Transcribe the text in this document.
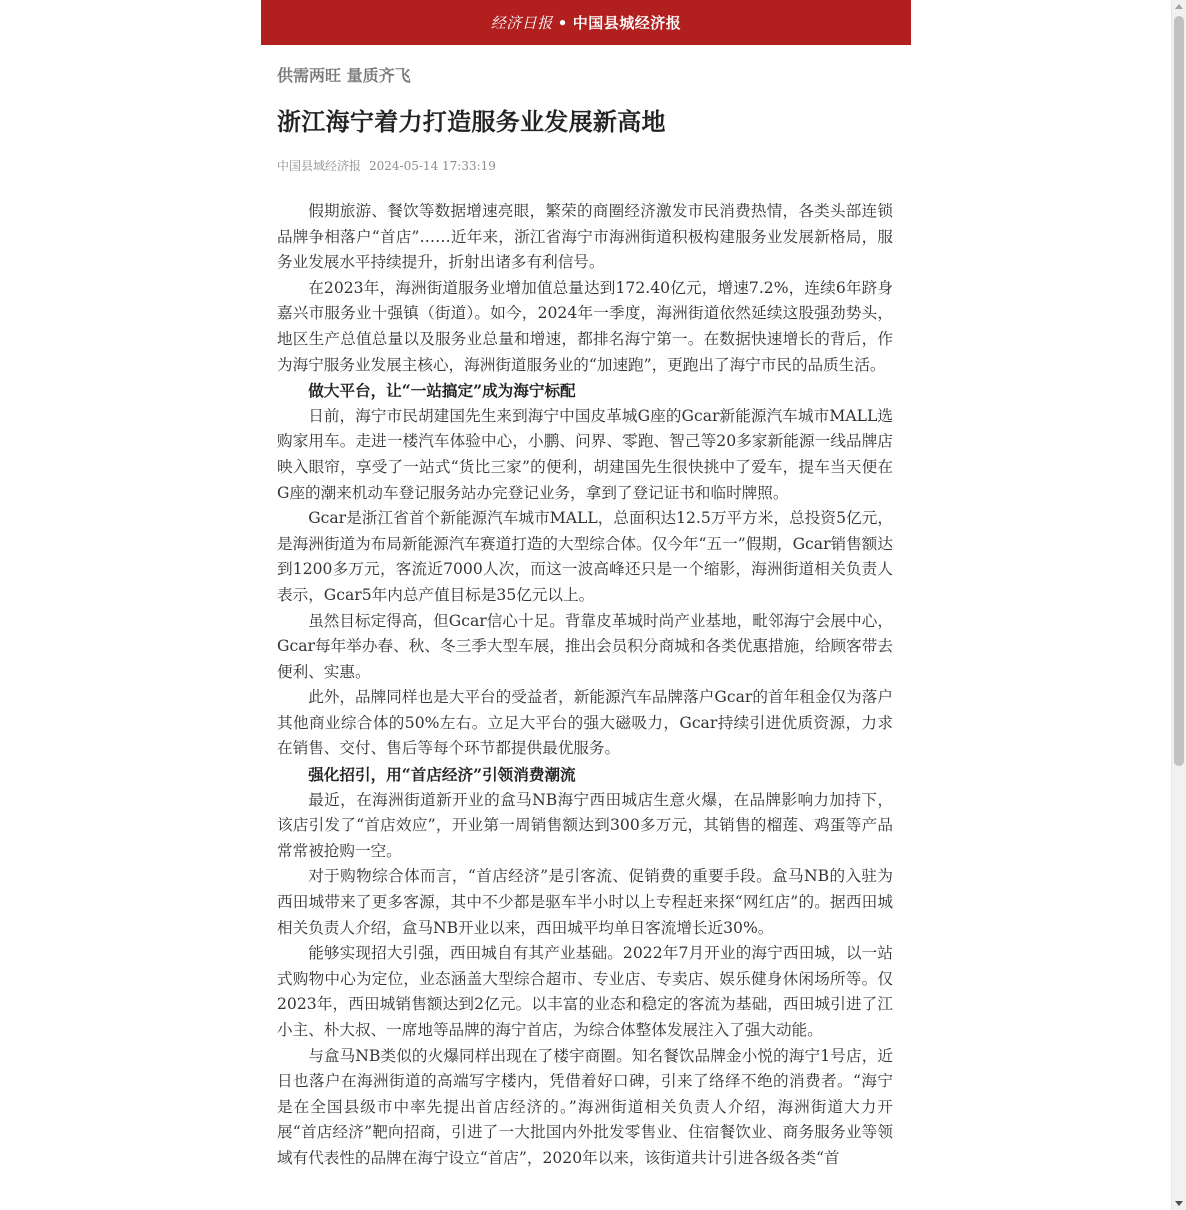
经济日报 • 中国县城经济报
供需两旺 量质齐飞
浙江海宁着力打造服务业发展新高地
中国县域经济报 2024-05-14 17:33:19

假期旅游、餐饮等数据增速亮眼，繁荣的商圈经济激发市民消费热情，各类头部连锁品牌争相落户“首店”……近年来，浙江省海宁市海洲街道积极构建服务业发展新格局，服务业发展水平持续提升，折射出诸多有利信号。

在2023年，海洲街道服务业增加值总量达到172.40亿元，增速7.2%，连续6年跻身嘉兴市服务业十强镇（街道）。如今，2024年一季度，海洲街道依然延续这股强劲势头，地区生产总值总量以及服务业总量和增速，都排名海宁第一。在数据快速增长的背后，作为海宁服务业发展主核心，海洲街道服务业的“加速跑”，更跑出了海宁市民的品质生活。

做大平台，让“一站搞定”成为海宁标配

日前，海宁市民胡建国先生来到海宁中国皮革城G座的Gcar新能源汽车城市MALL选购家用车。走进一楼汽车体验中心，小鹏、问界、零跑、智己等20多家新能源一线品牌店映入眼帘，享受了一站式“货比三家”的便利，胡建国先生很快挑中了爱车，提车当天便在G座的潮来机动车登记服务站办完登记业务，拿到了登记证书和临时牌照。

Gcar是浙江省首个新能源汽车城市MALL，总面积达12.5万平方米，总投资5亿元，是海洲街道为布局新能源汽车赛道打造的大型综合体。仅今年“五一”假期，Gcar销售额达到1200多万元，客流近7000人次，而这一波高峰还只是一个缩影，海洲街道相关负责人表示，Gcar5年内总产值目标是35亿元以上。

虽然目标定得高，但Gcar信心十足。背靠皮革城时尚产业基地，毗邻海宁会展中心，Gcar每年举办春、秋、冬三季大型车展，推出会员积分商城和各类优惠措施，给顾客带去便利、实惠。

此外，品牌同样也是大平台的受益者，新能源汽车品牌落户Gcar的首年租金仅为落户其他商业综合体的50%左右。立足大平台的强大磁吸力，Gcar持续引进优质资源，力求在销售、交付、售后等每个环节都提供最优服务。

强化招引，用“首店经济”引领消费潮流

最近，在海洲街道新开业的盒马NB海宁西田城店生意火爆，在品牌影响力加持下，该店引发了“首店效应”，开业第一周销售额达到300多万元，其销售的榴莲、鸡蛋等产品常常被抢购一空。

对于购物综合体而言，“首店经济”是引客流、促销费的重要手段。盒马NB的入驻为西田城带来了更多客源，其中不少都是驱车半小时以上专程赶来探“网红店”的。据西田城相关负责人介绍，盒马NB开业以来，西田城平均单日客流增长近30%。

能够实现招大引强，西田城自有其产业基础。2022年7月开业的海宁西田城，以一站式购物中心为定位，业态涵盖大型综合超市、专业店、专卖店、娱乐健身休闲场所等。仅2023年，西田城销售额达到2亿元。以丰富的业态和稳定的客流为基础，西田城引进了江小主、朴大叔、一席地等品牌的海宁首店，为综合体整体发展注入了强大动能。

与盒马NB类似的火爆同样出现在了楼宇商圈。知名餐饮品牌金小悦的海宁1号店，近日也落户在海洲街道的高端写字楼内，凭借着好口碑，引来了络绎不绝的消费者。“海宁是在全国县级市中率先提出首店经济的。”海洲街道相关负责人介绍，海洲街道大力开展“首店经济”靶向招商，引进了一大批国内外批发零售业、住宿餐饮业、商务服务业等领域有代表性的品牌在海宁设立“首店”，2020年以来，该街道共计引进各级各类“首
